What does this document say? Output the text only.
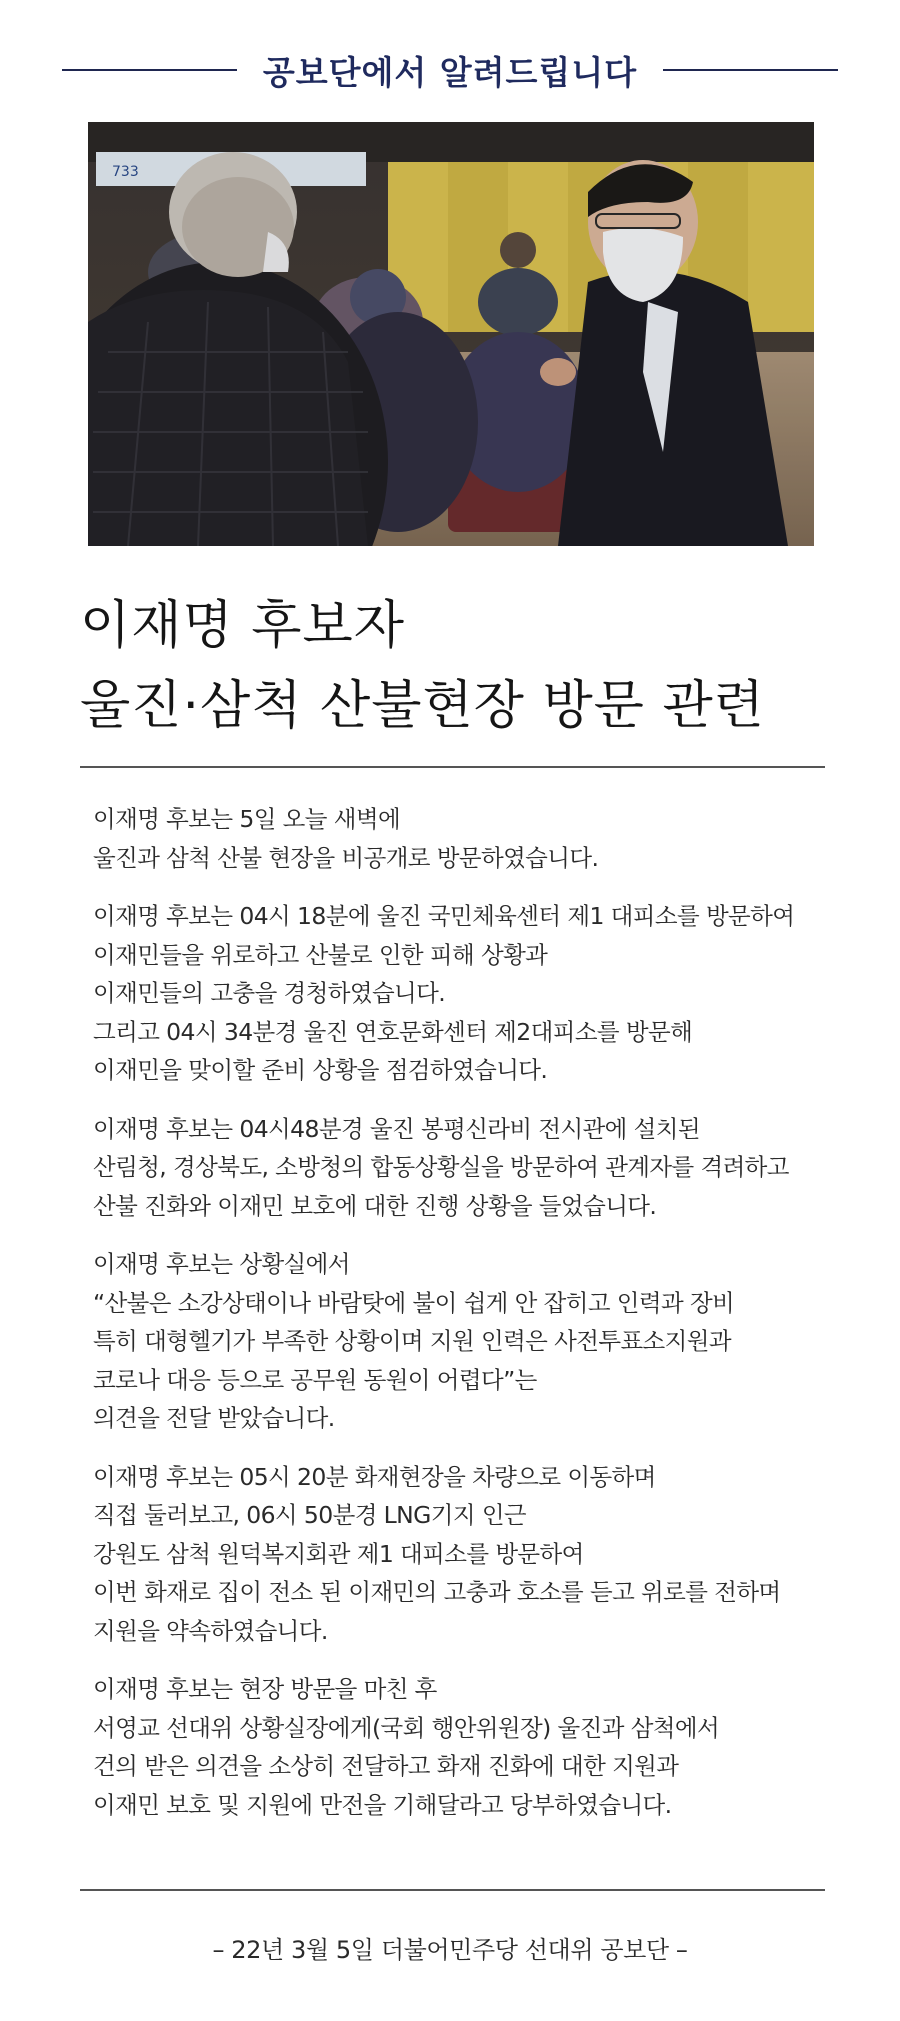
공보단에서 알려드립니다
733
이재명 후보자
울진·삼척 산불현장 방문 관련
이재명 후보는 5일 오늘 새벽에
울진과 삼척 산불 현장을 비공개로 방문하였습니다.
이재명 후보는 04시 18분에 울진 국민체육센터 제1 대피소를 방문하여
이재민들을 위로하고 산불로 인한 피해 상황과
이재민들의 고충을 경청하였습니다.
그리고 04시 34분경 울진 연호문화센터 제2대피소를 방문해
이재민을 맞이할 준비 상황을 점검하였습니다.
이재명 후보는 04시48분경 울진 봉평신라비 전시관에 설치된
산림청, 경상북도, 소방청의 합동상황실을 방문하여 관계자를 격려하고
산불 진화와 이재민 보호에 대한 진행 상황을 들었습니다.
이재명 후보는 상황실에서
“산불은 소강상태이나 바람탓에 불이 쉽게 안 잡히고 인력과 장비
특히 대형헬기가 부족한 상황이며 지원 인력은 사전투표소지원과
코로나 대응 등으로 공무원 동원이 어렵다”는
의견을 전달 받았습니다.
이재명 후보는 05시 20분 화재현장을 차량으로 이동하며
직접 둘러보고, 06시 50분경 LNG기지 인근
강원도 삼척 원덕복지회관 제1 대피소를 방문하여
이번 화재로 집이 전소 된 이재민의 고충과 호소를 듣고 위로를 전하며
지원을 약속하였습니다.
이재명 후보는 현장 방문을 마친 후
서영교 선대위 상황실장에게(국회 행안위원장) 울진과 삼척에서
건의 받은 의견을 소상히 전달하고 화재 진화에 대한 지원과
이재민 보호 및 지원에 만전을 기해달라고 당부하였습니다.
– 22년 3월 5일 더불어민주당 선대위 공보단 –
